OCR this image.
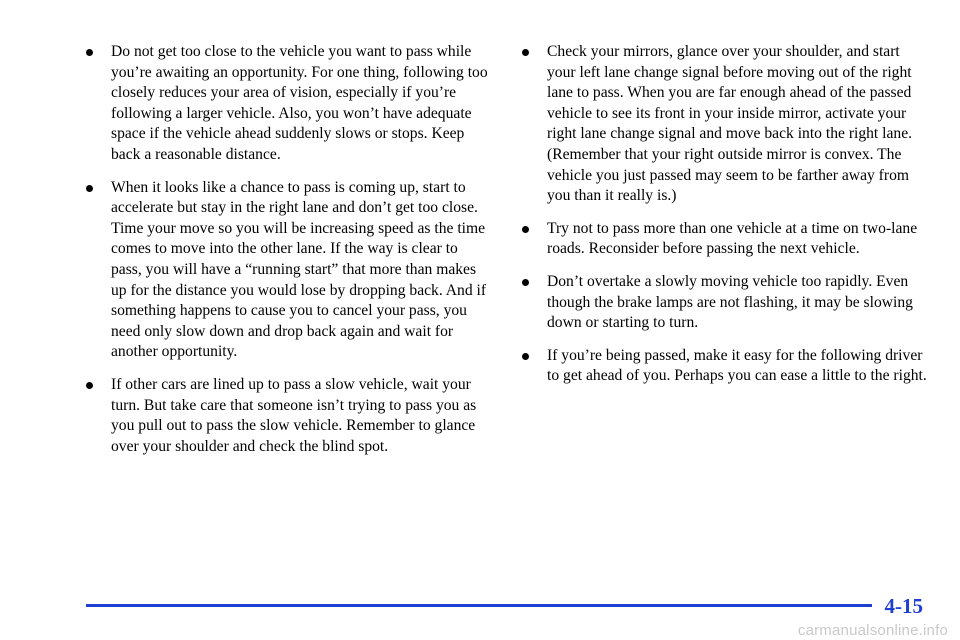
Do not get too close to the vehicle you want to pass while you’re awaiting an opportunity. For one thing, following too closely reduces your area of vision, especially if you’re following a larger vehicle. Also, you won’t have adequate space if the vehicle ahead suddenly slows or stops. Keep back a reasonable distance.
When it looks like a chance to pass is coming up, start to accelerate but stay in the right lane and don’t get too close. Time your move so you will be increasing speed as the time comes to move into the other lane. If the way is clear to pass, you will have a “running start” that more than makes up for the distance you would lose by dropping back. And if something happens to cause you to cancel your pass, you need only slow down and drop back again and wait for another opportunity.
If other cars are lined up to pass a slow vehicle, wait your turn. But take care that someone isn’t trying to pass you as you pull out to pass the slow vehicle. Remember to glance over your shoulder and check the blind spot.
Check your mirrors, glance over your shoulder, and start your left lane change signal before moving out of the right lane to pass. When you are far enough ahead of the passed vehicle to see its front in your inside mirror, activate your right lane change signal and move back into the right lane. (Remember that your right outside mirror is convex. The vehicle you just passed may seem to be farther away from you than it really is.)
Try not to pass more than one vehicle at a time on two-lane roads. Reconsider before passing the next vehicle.
Don’t overtake a slowly moving vehicle too rapidly. Even though the brake lamps are not flashing, it may be slowing down or starting to turn.
If you’re being passed, make it easy for the following driver to get ahead of you. Perhaps you can ease a little to the right.
4-15
carmanualsonline.info
